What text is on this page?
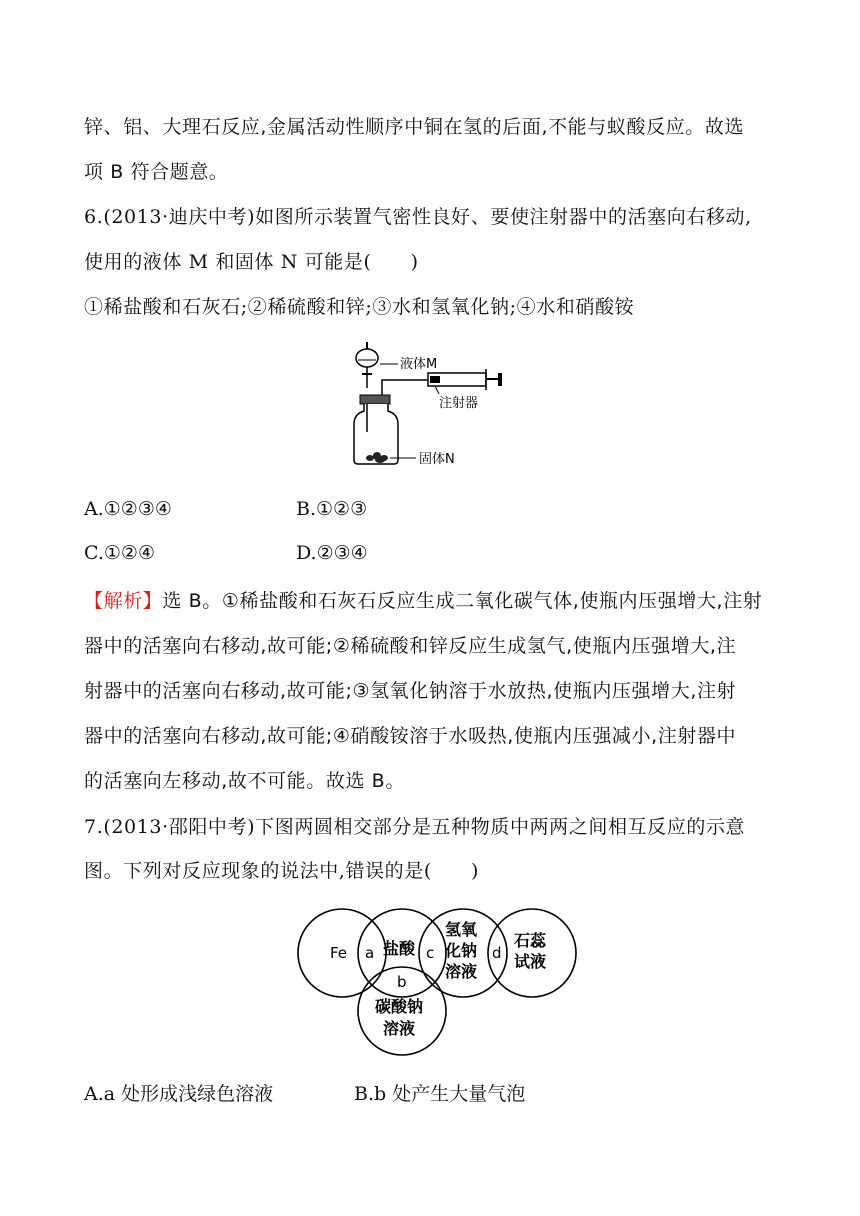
锌、铝、大理石反应,金属活动性顺序中铜在氢的后面,不能与蚁酸反应。故选
项 B 符合题意。
6.(2013·迪庆中考)如图所示装置气密性良好、要使注射器中的活塞向右移动,
使用的液体 M 和固体 N 可能是(　　)
①稀盐酸和石灰石;②稀硫酸和锌;③水和氢氧化钠;④水和硝酸铵
液体M
注射器
固体N
A.①②③④	B.①②③
C.①②④	D.②③④
【解析】选 B。①稀盐酸和石灰石反应生成二氧化碳气体,使瓶内压强增大,注射
器中的活塞向右移动,故可能;②稀硫酸和锌反应生成氢气,使瓶内压强增大,注
射器中的活塞向右移动,故可能;③氢氧化钠溶于水放热,使瓶内压强增大,注射
器中的活塞向右移动,故可能;④硝酸铵溶于水吸热,使瓶内压强减小,注射器中
的活塞向左移动,故不可能。故选 B。
7.(2013·邵阳中考)下图两圆相交部分是五种物质中两两之间相互反应的示意
图。下列对反应现象的说法中,错误的是(　　)
Fe a 盐酸 c
氢氧
化钠
溶液
d
石蕊
试液
b
碳酸钠
溶液
A.a 处形成浅绿色溶液	B.b 处产生大量气泡
